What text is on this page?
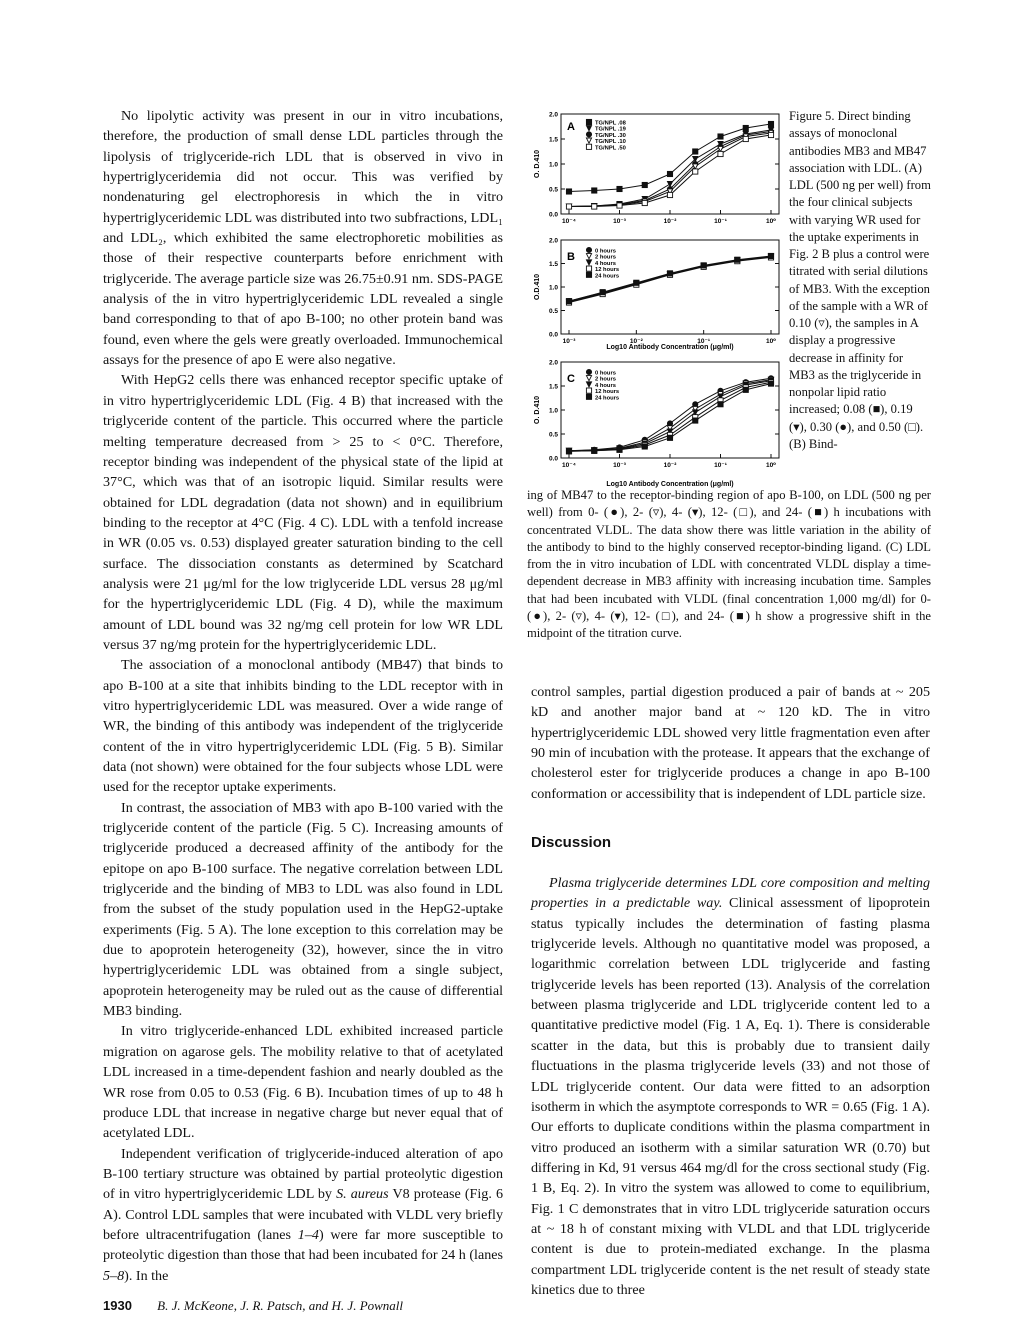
No lipolytic activity was present in our in vitro incubations, therefore, the production of small dense LDL particles through the lipolysis of triglyceride-rich LDL that is observed in vivo in hypertriglyceridemia did not occur. This was verified by nondenaturing gel electrophoresis in which the in vitro hypertriglyceridemic LDL was distributed into two subfractions, LDL₁ and LDL₂, which exhibited the same electrophoretic mobilities as those of their respective counterparts before enrichment with triglyceride. The average particle size was 26.75±0.91 nm. SDS-PAGE analysis of the in vitro hypertriglyceridemic LDL revealed a single band corresponding to that of apo B-100; no other protein band was found, even where the gels were greatly overloaded. Immunochemical assays for the presence of apo E were also negative.

With HepG2 cells there was enhanced receptor specific uptake of in vitro hypertriglyceridemic LDL (Fig. 4 B) that increased with the triglyceride content of the particle. This occurred where the particle melting temperature decreased from > 25 to < 0°C. Therefore, receptor binding was independent of the physical state of the lipid at 37°C, which was that of an isotropic liquid. Similar results were obtained for LDL degradation (data not shown) and in equilibrium binding to the receptor at 4°C (Fig. 4 C). LDL with a tenfold increase in WR (0.05 vs. 0.53) displayed greater saturation binding to the cell surface. The dissociation constants as determined by Scatchard analysis were 21 μg/ml for the low triglyceride LDL versus 28 μg/ml for the hypertriglyceridemic LDL (Fig. 4 D), while the maximum amount of LDL bound was 32 ng/mg cell protein for low WR LDL versus 37 ng/mg protein for the hypertriglyceridemic LDL.

The association of a monoclonal antibody (MB47) that binds to apo B-100 at a site that inhibits binding to the LDL receptor with in vitro hypertriglyceridemic LDL was measured. Over a wide range of WR, the binding of this antibody was independent of the triglyceride content of the in vitro hypertriglyceridemic LDL (Fig. 5 B). Similar data (not shown) were obtained for the four subjects whose LDL were used for the receptor uptake experiments.

In contrast, the association of MB3 with apo B-100 varied with the triglyceride content of the particle (Fig. 5 C). Increasing amounts of triglyceride produced a decreased affinity of the antibody for the epitope on apo B-100 surface. The negative correlation between LDL triglyceride and the binding of MB3 to LDL was also found in LDL from the subset of the study population used in the HepG2-uptake experiments (Fig. 5 A). The lone exception to this correlation may be due to apoprotein heterogeneity (32), however, since the in vitro hypertriglyceridemic LDL was obtained from a single subject, apoprotein heterogeneity may be ruled out as the cause of differential MB3 binding.

In vitro triglyceride-enhanced LDL exhibited increased particle migration on agarose gels. The mobility relative to that of acetylated LDL increased in a time-dependent fashion and nearly doubled as the WR rose from 0.05 to 0.53 (Fig. 6 B). Incubation times of up to 48 h produce LDL that increase in negative charge but never equal that of acetylated LDL.

Independent verification of triglyceride-induced alteration of apo B-100 tertiary structure was obtained by partial proteolytic digestion of in vitro hypertriglyceridemic LDL by S. aureus V8 protease (Fig. 6 A). Control LDL samples that were incubated with VLDL very briefly before ultracentrifugation (lanes 1–4) were far more susceptible to proteolytic digestion than those that had been incubated for 24 h (lanes 5–8). In the

0.0
0.5
1.0
1.5
2.0
10⁻⁴	10⁻³	10⁻²	10⁻¹	10⁰
O. D.410
A	TG/NPL .08
TG/NPL .19
TG/NPL .30
TG/NPL .10
TG/NPL .50
0.0
0.5
1.0
1.5
2.0
10⁻³	10⁻²	10⁻¹	10⁰
O.D.410
Log10 Antibody Concentration (μg/ml)
B	0 hours
2 hours
4 hours
12 hours
24 hours
0.0
0.5
1.0
1.5
2.0
10⁻⁴	10⁻³	10⁻²	10⁻¹	10⁰
O. D.410
Log10 Antibody Concentration (μg/ml)
C	0 hours
2 hours
4 hours
12 hours
24 hours
Figure 5. Direct binding assays of monoclonal antibodies MB3 and MB47 association with LDL. (A) LDL (500 ng per well) from the four clinical subjects with varying WR used for the uptake experiments in Fig. 2 B plus a control were titrated with serial dilutions of MB3. With the exception of the sample with a WR of 0.10 (▿), the samples in A display a progressive decrease in affinity for MB3 as the triglyceride in nonpolar lipid ratio increased; 0.08 (■), 0.19 (▾), 0.30 (●), and 0.50 (□). (B) Bind-
ing of MB47 to the receptor-binding region of apo B-100, on LDL (500 ng per well) from 0- (●), 2- (▿), 4- (▾), 12- (□), and 24- (■) h incubations with concentrated VLDL. The data show there was little variation in the ability of the antibody to bind to the highly conserved receptor-binding ligand. (C) LDL from the in vitro incubation of LDL with concentrated VLDL display a time-dependent decrease in MB3 affinity with increasing incubation time. Samples that had been incubated with VLDL (final concentration 1,000 mg/dl) for 0- (●), 2- (▿), 4- (▾), 12- (□), and 24- (■) h show a progressive shift in the midpoint of the titration curve.

control samples, partial digestion produced a pair of bands at ~ 205 kD and another major band at ~ 120 kD. The in vitro hypertriglyceridemic LDL showed very little fragmentation even after 90 min of incubation with the protease. It appears that the exchange of cholesterol ester for triglyceride produces a change in apo B-100 conformation or accessibility that is independent of LDL particle size.

Discussion

Plasma triglyceride determines LDL core composition and melting properties in a predictable way. Clinical assessment of lipoprotein status typically includes the determination of fasting plasma triglyceride levels. Although no quantitative model was proposed, a logarithmic correlation between LDL triglyceride and fasting triglyceride levels has been reported (13). Analysis of the correlation between plasma triglyceride and LDL triglyceride content led to a quantitative predictive model (Fig. 1 A, Eq. 1). There is considerable scatter in the data, but this is probably due to transient daily fluctuations in the plasma triglyceride levels (33) and not those of LDL triglyceride content. Our data were fitted to an adsorption isotherm in which the asymptote corresponds to WR = 0.65 (Fig. 1 A). Our efforts to duplicate conditions within the plasma compartment in vitro produced an isotherm with a similar saturation WR (0.70) but differing in Kd, 91 versus 464 mg/dl for the cross sectional study (Fig. 1 B, Eq. 2). In vitro the system was allowed to come to equilibrium, Fig. 1 C demonstrates that in vitro LDL triglyceride saturation occurs at ~ 18 h of constant mixing with VLDL and that LDL triglyceride content is due to protein-mediated exchange. In the plasma compartment LDL triglyceride content is the net result of steady state kinetics due to three

1930 B. J. McKeone, J. R. Patsch, and H. J. Pownall
